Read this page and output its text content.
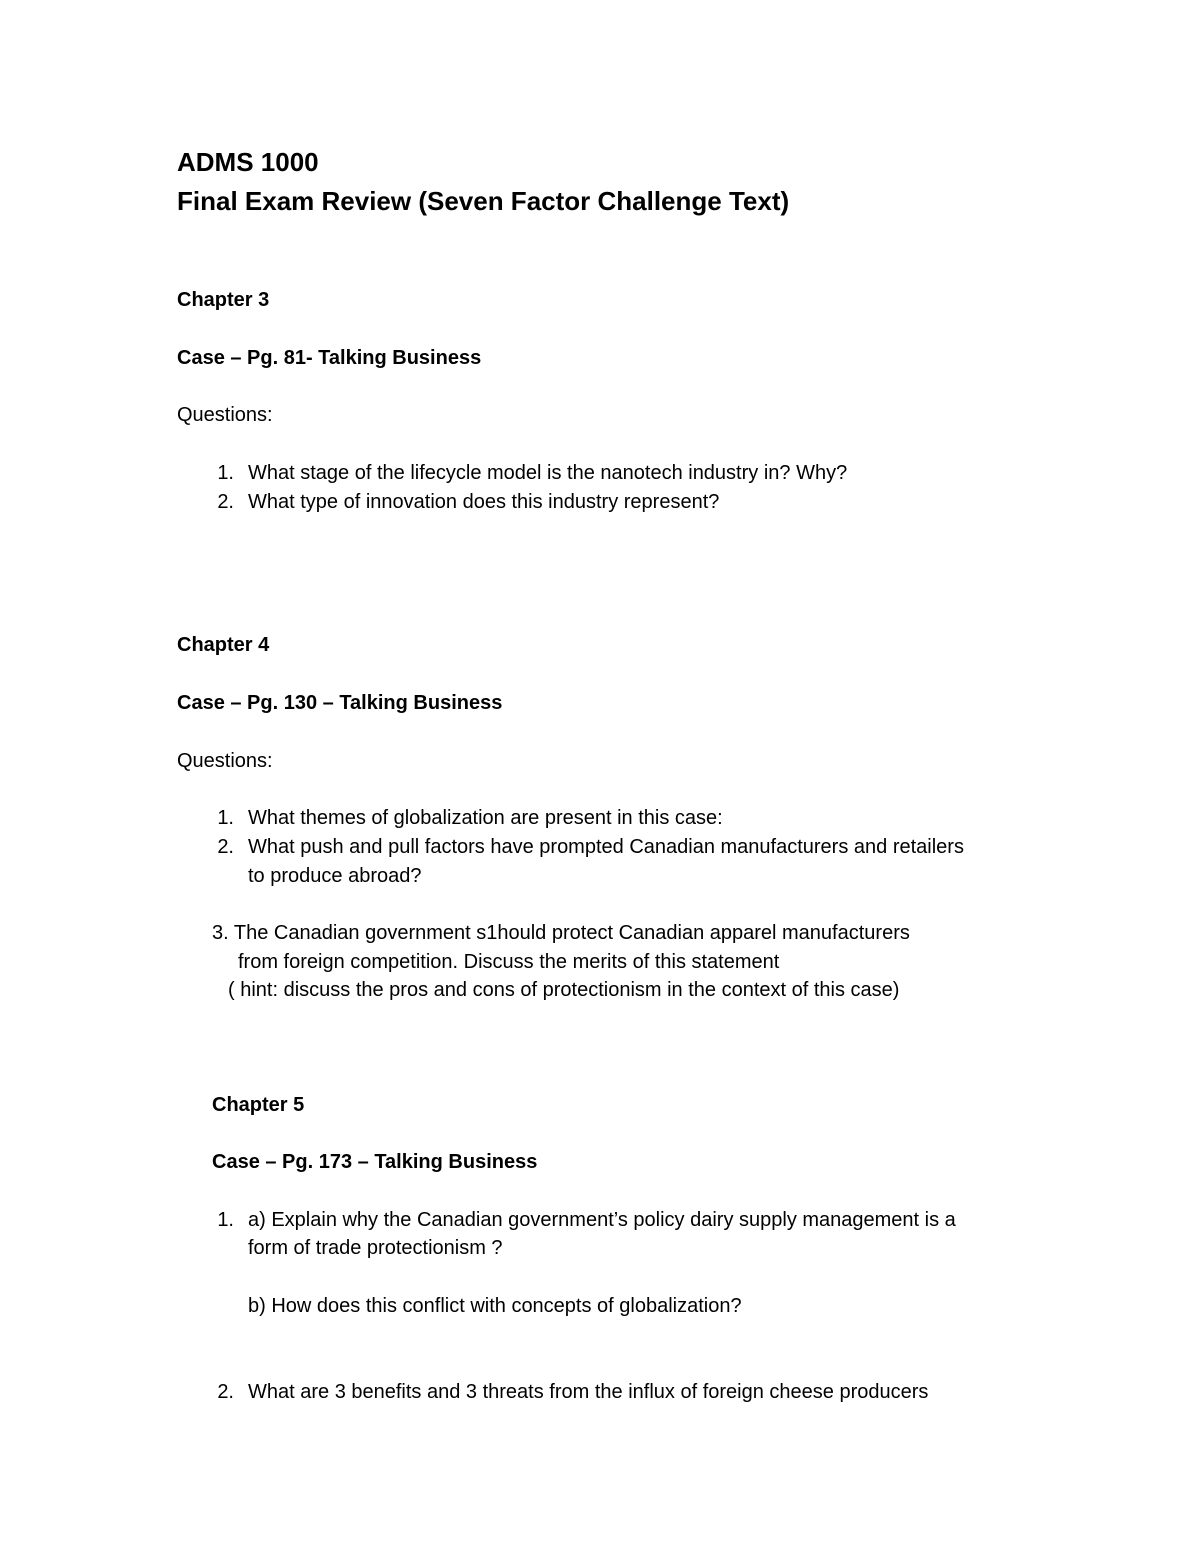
ADMS 1000
Final Exam Review (Seven Factor Challenge Text)
Chapter 3
Case – Pg. 81- Talking Business
Questions:
1. What stage of the lifecycle model is the nanotech industry in? Why?
2. What type of innovation does this industry represent?
Chapter 4
Case – Pg. 130 – Talking Business
Questions:
1. What themes of globalization are present in this case:
2. What push and pull factors have prompted Canadian manufacturers and retailers
to produce abroad?
3. The Canadian government s1hould protect Canadian apparel manufacturers
from foreign competition. Discuss the merits of this statement
( hint: discuss the pros and cons of protectionism in the context of this case)
Chapter 5
Case – Pg. 173 – Talking Business
1. a) Explain why the Canadian government’s policy dairy supply management is a
form of trade protectionism ?
b) How does this conflict with concepts of globalization?
2. What are 3 benefits and 3 threats from the influx of foreign cheese producers
